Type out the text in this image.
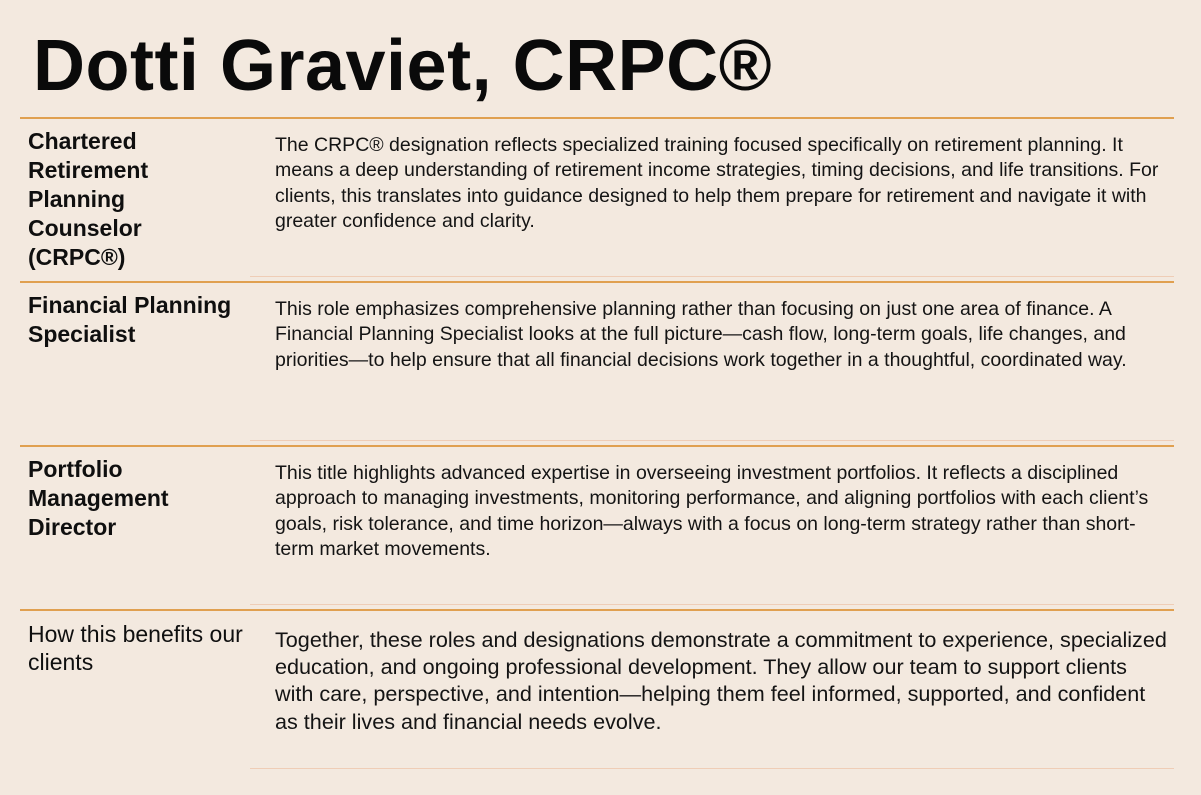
Dotti Graviet, CRPC®

Chartered Retirement Planning Counselor (CRPC®)

The CRPC® designation reflects specialized training focused specifically on retirement planning. It means a deep understanding of retirement income strategies, timing decisions, and life transitions. For clients, this translates into guidance designed to help them prepare for retirement and navigate it with greater confidence and clarity.

Financial Planning Specialist

This role emphasizes comprehensive planning rather than focusing on just one area of finance. A Financial Planning Specialist looks at the full picture—cash flow, long-term goals, life changes, and priorities—to help ensure that all financial decisions work together in a thoughtful, coordinated way.

Portfolio Management Director

This title highlights advanced expertise in overseeing investment portfolios. It reflects a disciplined approach to managing investments, monitoring performance, and aligning portfolios with each client’s goals, risk tolerance, and time horizon—always with a focus on long-term strategy rather than short-term market movements.

How this benefits our clients

Together, these roles and designations demonstrate a commitment to experience, specialized education, and ongoing professional development. They allow our team to support clients with care, perspective, and intention—helping them feel informed, supported, and confident as their lives and financial needs evolve.
